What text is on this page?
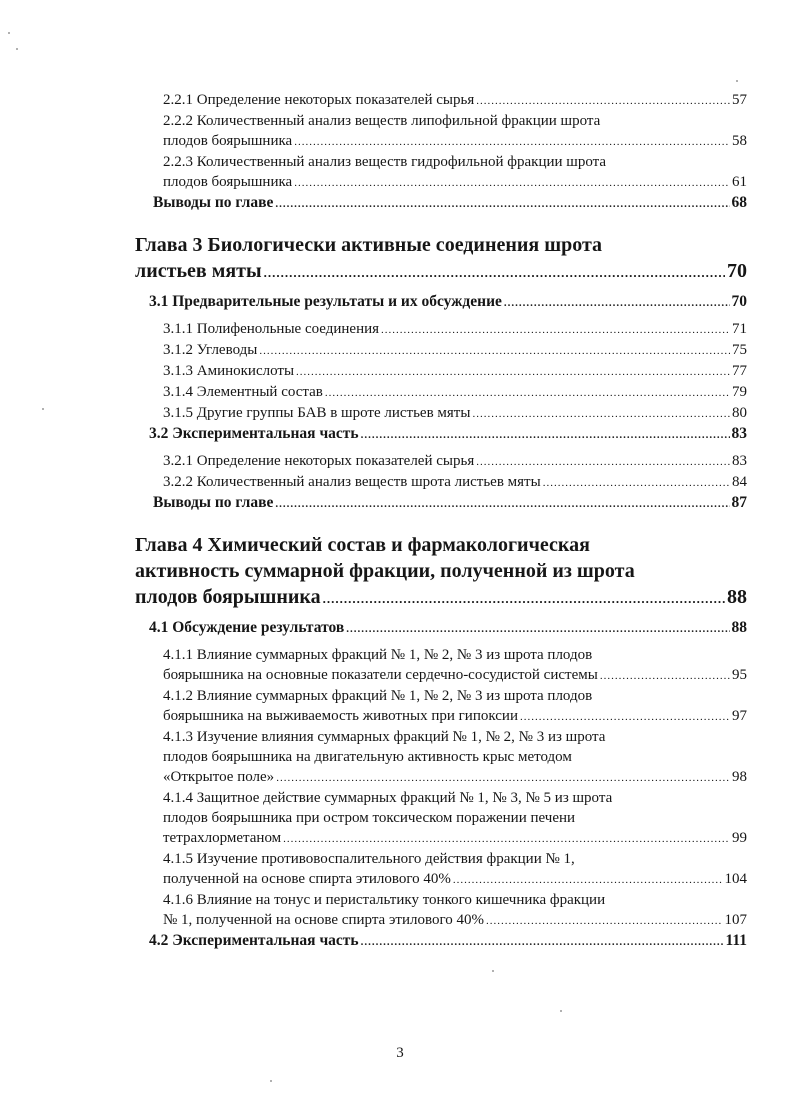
2.2.1 Определение некоторых показателей сырья .....	57
2.2.2 Количественный анализ веществ липофильной фракции шрота
плодов боярышника .....	58
2.2.3 Количественный анализ веществ гидрофильной фракции шрота
плодов боярышника .....	61
Выводы по главе .....	68
Глава 3 Биологически активные соединения шрота
листьев мяты .....	70
3.1 Предварительные результаты и их обсуждение .....	70
3.1.1 Полифенольные соединения .....	71
3.1.2 Углеводы .....	75
3.1.3 Аминокислоты .....	77
3.1.4 Элементный состав .....	79
3.1.5 Другие группы БАВ в шроте листьев мяты .....	80
3.2 Экспериментальная часть .....	83
3.2.1 Определение некоторых показателей сырья .....	83
3.2.2 Количественный анализ веществ шрота листьев мяты .....	84
Выводы по главе .....	87
Глава 4 Химический состав и фармакологическая
активность суммарной фракции, полученной из шрота
плодов боярышника .....	88
4.1 Обсуждение результатов .....	88
4.1.1 Влияние суммарных фракций № 1, № 2, № 3 из шрота плодов
боярышника на основные показатели сердечно-сосудистой системы .....	95
4.1.2 Влияние суммарных фракций № 1, № 2, № 3 из шрота плодов
боярышника на выживаемость животных при гипоксии .....	97
4.1.3 Изучение влияния суммарных фракций № 1, № 2, № 3 из шрота
плодов боярышника на двигательную активность крыс методом
«Открытое поле» .....	98
4.1.4 Защитное действие суммарных фракций № 1, № 3, № 5 из шрота
плодов боярышника при остром токсическом поражении печени
тетрахлорметаном .....	99
4.1.5 Изучение противовоспалительного действия фракции № 1,
полученной на основе спирта этилового 40% .....	104
4.1.6 Влияние на тонус и перистальтику тонкого кишечника фракции
№ 1, полученной на основе спирта этилового 40% .....	107
4.2 Экспериментальная часть .....	111
3
